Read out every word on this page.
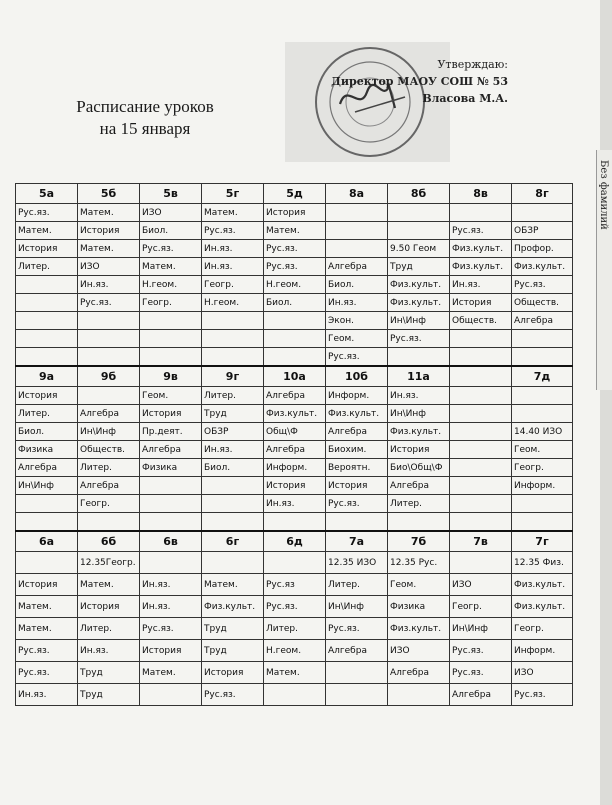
Без фамилий
Расписание уроков
на 15 января
Утверждаю:
Директор МАОУ СОШ № 53
Власова М.А.
5а	5б	5в	5г	5д	8а	8б	8в	8г
Рус.яз.	Матем.	ИЗО	Матем.	История				
Матем.	История	Биол.	Рус.яз.	Матем.			Рус.яз.	ОБЗР
История	Матем.	Рус.яз.	Ин.яз.	Рус.яз.		9.50 Геом	Физ.культ.	Профор.
Литер.	ИЗО	Матем.	Ин.яз.	Рус.яз.	Алгебра	Труд	Физ.культ.	Физ.культ.
	Ин.яз.	Н.геом.	Геогр.	Н.геом.	Биол.	Физ.культ.	Ин.яз.	Рус.яз.
	Рус.яз.	Геогр.	Н.геом.	Биол.	Ин.яз.	Физ.культ.	История	Обществ.
					Экон.	Ин\Инф	Обществ.	Алгебра
					Геом.	Рус.яз.		
					Рус.яз.			
9а	9б	9в	9г	10а	10б	11а		7д
История		Геом.	Литер.	Алгебра	Информ.	Ин.яз.		
Литер.	Алгебра	История	Труд	Физ.культ.	Физ.культ.	Ин\Инф		
Биол.	Ин\Инф	Пр.деят.	ОБЗР	Общ\Ф	Алгебра	Физ.культ.		14.40 ИЗО
Физика	Обществ.	Алгебра	Ин.яз.	Алгебра	Биохим.	История		Геом.
Алгебра	Литер.	Физика	Биол.	Информ.	Вероятн.	Био\Общ\Ф		Геогр.
Ин\Инф	Алгебра			История	История	Алгебра		Информ.
	Геогр.			Ин.яз.	Рус.яз.	Литер.		

6а	6б	6в	6г	6д	7а	7б	7в	7г
	12.35Геогр.				12.35 ИЗО	12.35 Рус.		12.35 Физ.
История	Матем.	Ин.яз.	Матем.	Рус.яз	Литер.	Геом.	ИЗО	Физ.культ.
Матем.	История	Ин.яз.	Физ.культ.	Рус.яз.	Ин\Инф	Физика	Геогр.	Физ.культ.
Матем.	Литер.	Рус.яз.	Труд	Литер.	Рус.яз.	Физ.культ.	Ин\Инф	Геогр.
Рус.яз.	Ин.яз.	История	Труд	Н.геом.	Алгебра	ИЗО	Рус.яз.	Информ.
Рус.яз.	Труд	Матем.	История	Матем.		Алгебра	Рус.яз.	ИЗО
Ин.яз.	Труд		Рус.яз.				Алгебра	Рус.яз.
